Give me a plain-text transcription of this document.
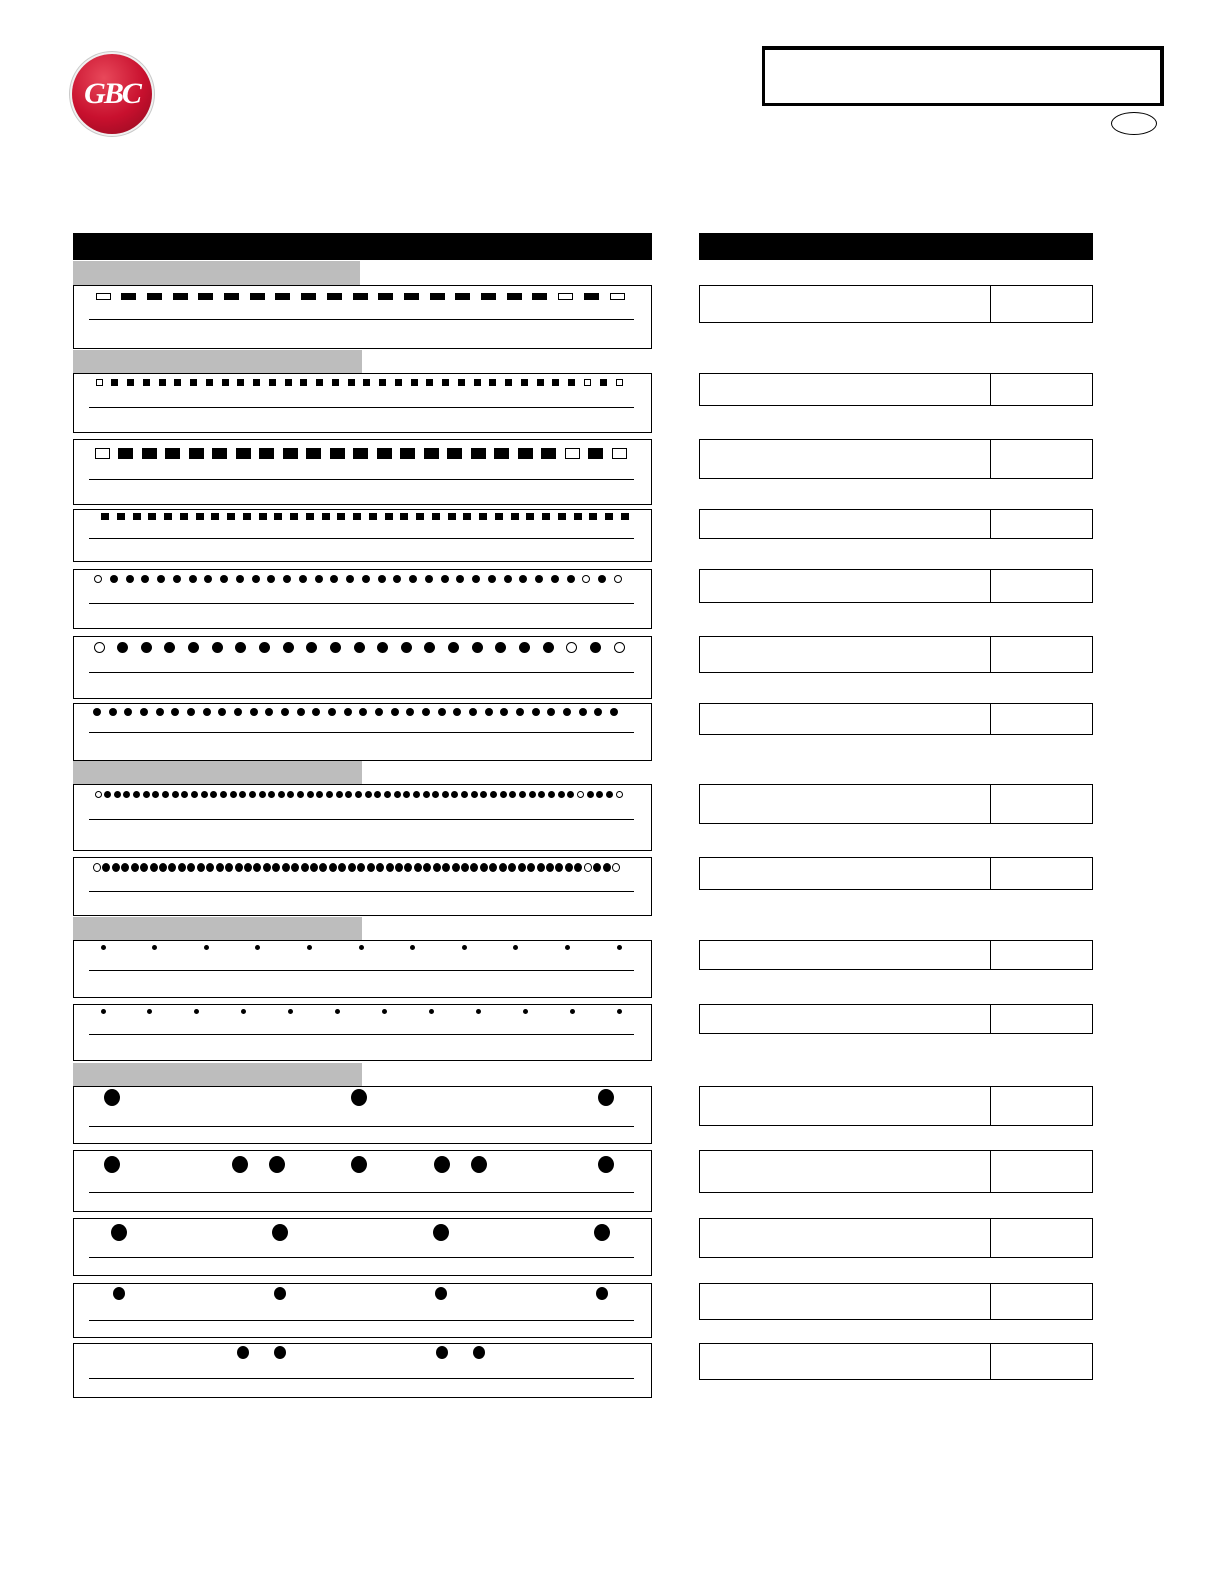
GBC
